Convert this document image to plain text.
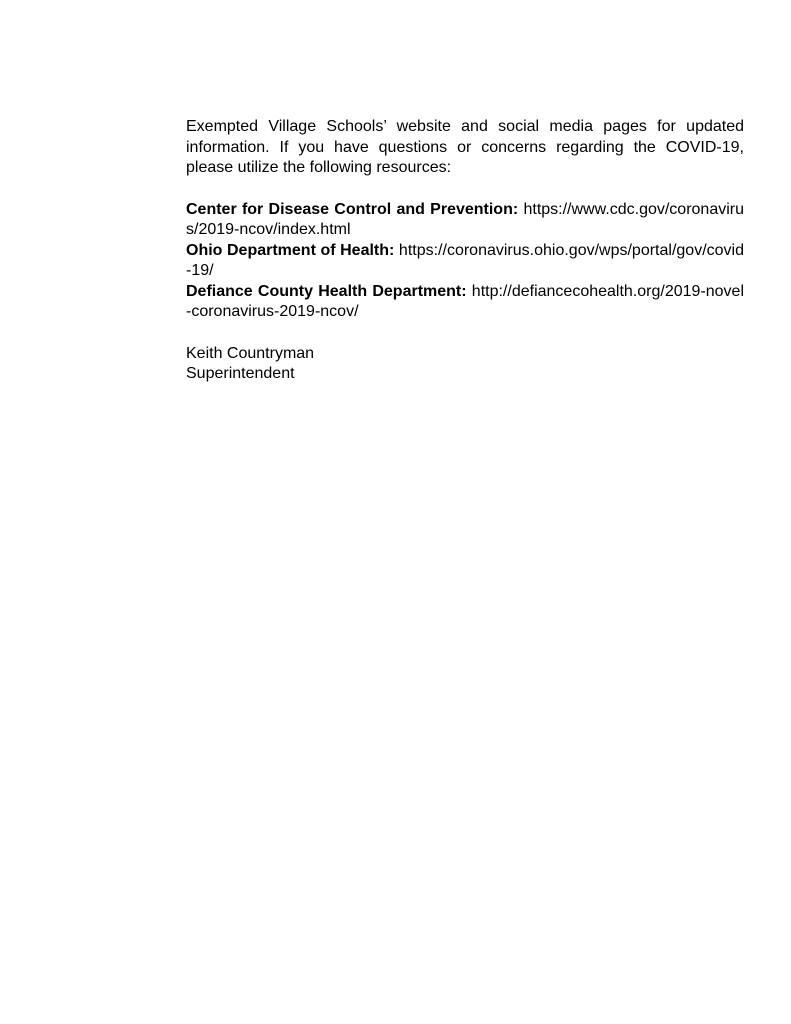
Exempted Village Schools’ website and social media pages for updated information. If you have questions or concerns regarding the COVID-19, please utilize the following resources:

Center for Disease Control and Prevention: https://www.cdc.gov/coronavirus/2019-ncov/index.html

Ohio Department of Health: https://coronavirus.ohio.gov/wps/portal/gov/covid-19/

Defiance County Health Department: http://defiancecohealth.org/2019-novel-coronavirus-2019-ncov/

Keith Countryman

Superintendent
